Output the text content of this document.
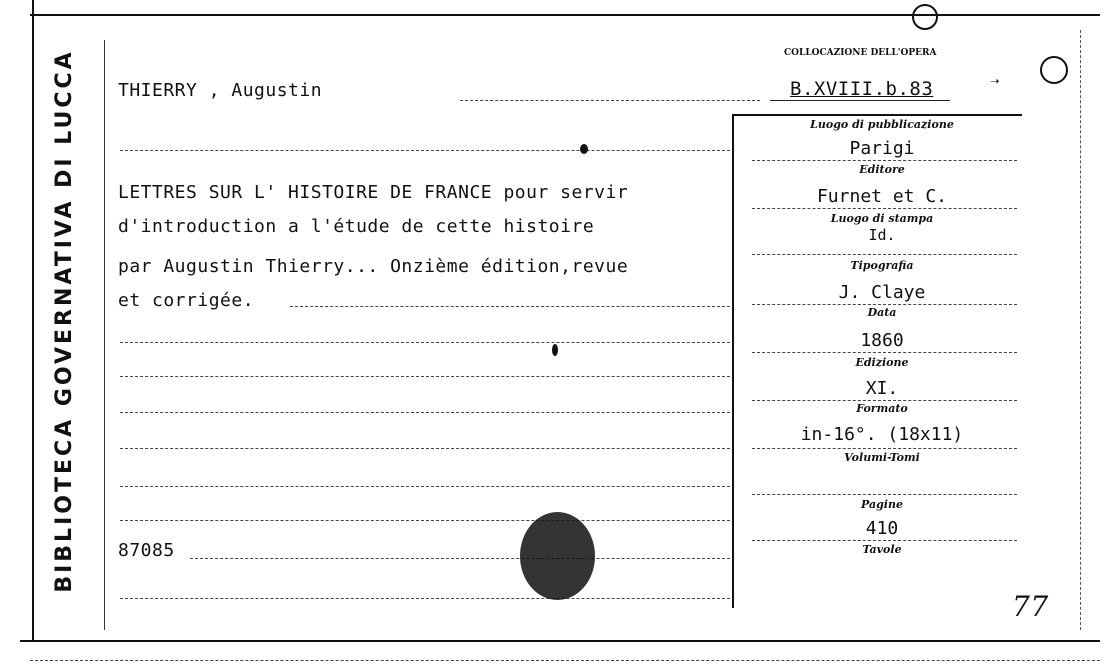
BIBLIOTECA GOVERNATIVA DI LUCCA	COLLOCAZIONE DELL'OPERA
B.XVIII.b.83	➝
THIERRY , Augustin
LETTRES SUR L' HISTOIRE DE FRANCE pour servir
d'introduction a l'étude de cette histoire
par Augustin Thierry... Onzième édition,revue
et corrigée.
87085
Luogo di pubblicazione
Parigi
Editore
Furnet et C.
Luogo di stampa
Id.
Tipografia
J. Claye
Data
1860
Edizione
XI.
Formato
in-16°. (18x11)
Volumi-Tomi
Pagine
410
Tavole
77
